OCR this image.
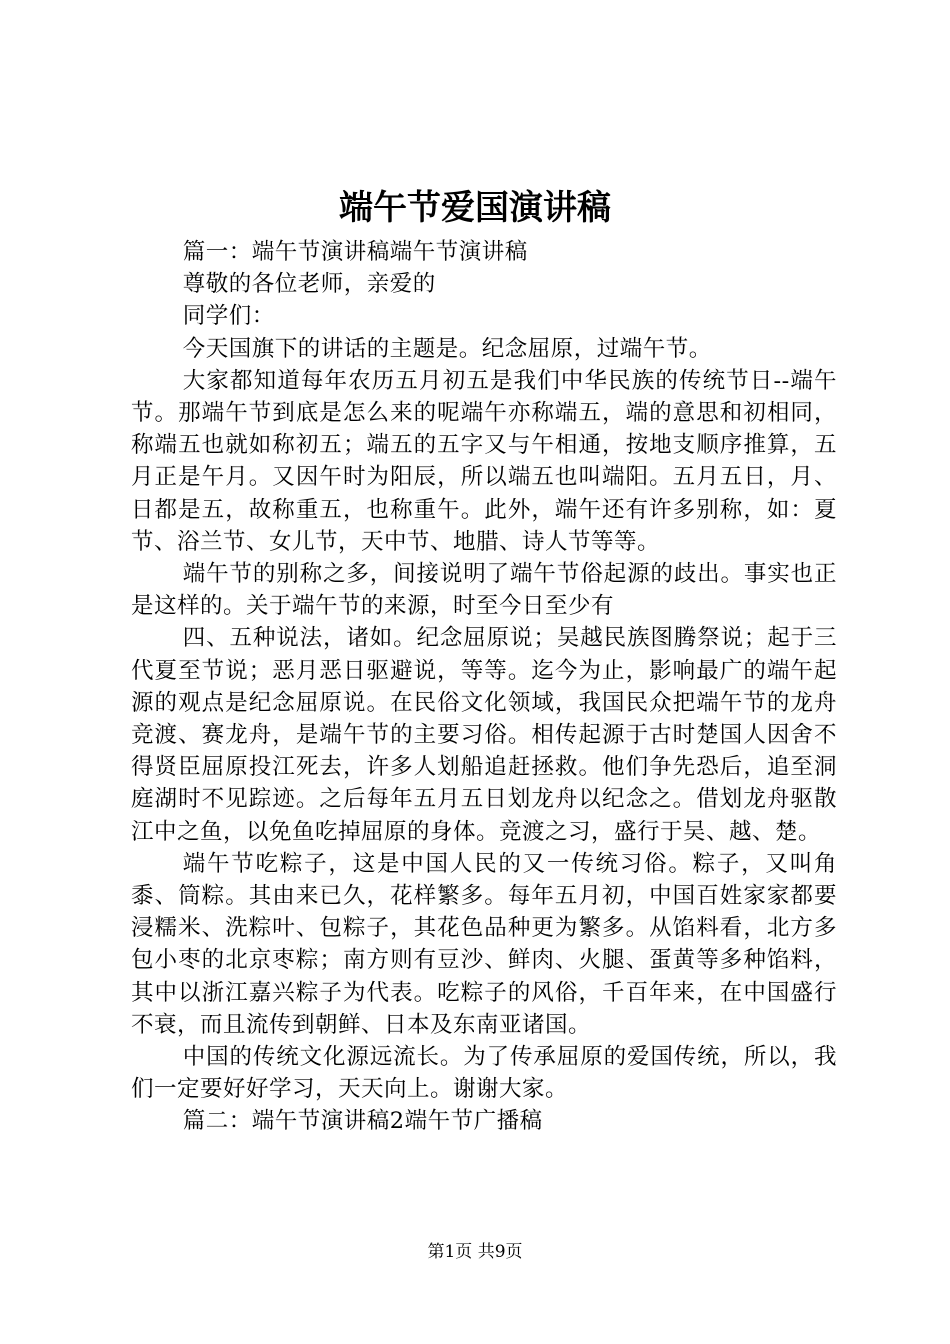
端午节爱国演讲稿

篇一：端午节演讲稿端午节演讲稿

尊敬的各位老师，亲爱的

同学们：

今天国旗下的讲话的主题是。纪念屈原，过端午节。

大家都知道每年农历五月初五是我们中华民族的传统节日--端午节。那端午节到底是怎么来的呢端午亦称端五，端的意思和初相同，称端五也就如称初五；端五的五字又与午相通，按地支顺序推算，五月正是午月。又因午时为阳辰，所以端五也叫端阳。五月五日，月、日都是五，故称重五，也称重午。此外，端午还有许多别称，如：夏节、浴兰节、女儿节，天中节、地腊、诗人节等等。

端午节的别称之多，间接说明了端午节俗起源的歧出。事实也正是这样的。关于端午节的来源，时至今日至少有

四、五种说法，诸如。纪念屈原说；吴越民族图腾祭说；起于三代夏至节说；恶月恶日驱避说，等等。迄今为止，影响最广的端午起源的观点是纪念屈原说。在民俗文化领域，我国民众把端午节的龙舟竞渡、赛龙舟，是端午节的主要习俗。相传起源于古时楚国人因舍不得贤臣屈原投江死去，许多人划船追赶拯救。他们争先恐后，追至洞庭湖时不见踪迹。之后每年五月五日划龙舟以纪念之。借划龙舟驱散江中之鱼，以免鱼吃掉屈原的身体。竞渡之习，盛行于吴、越、楚。

端午节吃粽子，这是中国人民的又一传统习俗。粽子，又叫角黍、筒粽。其由来已久，花样繁多。每年五月初，中国百姓家家都要浸糯米、洗粽叶、包粽子，其花色品种更为繁多。从馅料看，北方多包小枣的北京枣粽；南方则有豆沙、鲜肉、火腿、蛋黄等多种馅料，其中以浙江嘉兴粽子为代表。吃粽子的风俗，千百年来，在中国盛行不衰，而且流传到朝鲜、日本及东南亚诸国。

中国的传统文化源远流长。为了传承屈原的爱国传统，所以，我们一定要好好学习，天天向上。谢谢大家。

篇二：端午节演讲稿2端午节广播稿

第1页 共9页
